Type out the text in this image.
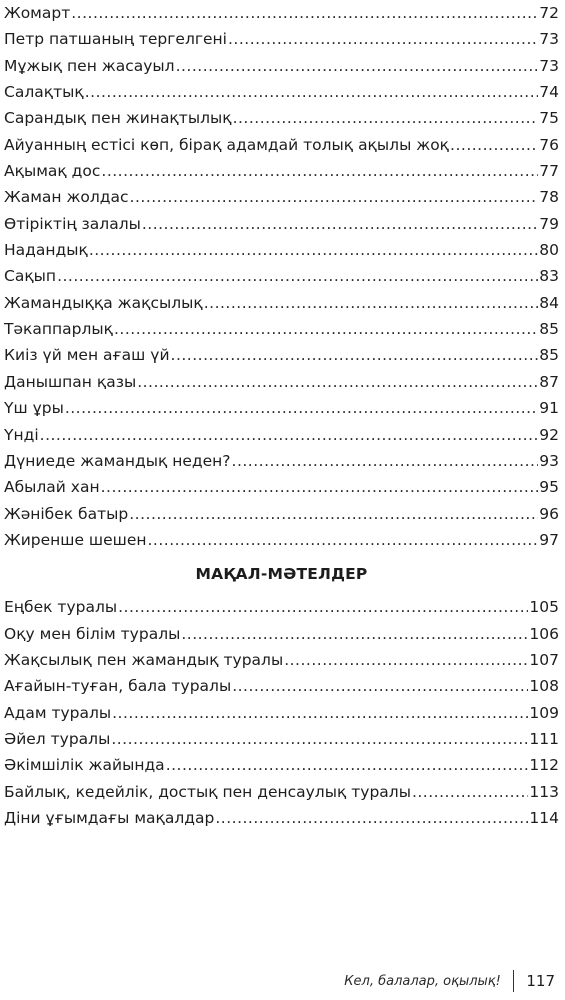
Жомарт .....	72
Петр патшаның тергелгені .....	73
Мұжық пен жасауыл .....	73
Салақтық .....	74
Сарандық пен жинақтылық .....	75
Айуанның естісі көп, бірақ адамдай толық ақылы жоқ .....	76
Ақымақ дос .....	77
Жаман жолдас .....	78
Өтіріктің залалы .....	79
Надандық .....	80
Сақып .....	83
Жамандыққа жақсылық .....	84
Тәкаппарлық .....	85
Киіз үй мен ағаш үй .....	85
Данышпан қазы .....	87
Үш ұры .....	91
Үнді .....	92
Дүниеде жамандық неден? .....	93
Абылай хан .....	95
Жәнібек батыр .....	96
Жиренше шешен .....	97
МАҚАЛ-МӘТЕЛДЕР
Еңбек туралы .....	105
Оқу мен білім туралы .....	106
Жақсылық пен жамандық туралы .....	107
Ағайын-туған, бала туралы .....	108
Адам туралы .....	109
Әйел туралы .....	111
Әкімшілік жайында .....	112
Байлық, кедейлік, достық пен денсаулық туралы .....	113
Діни ұғымдағы мақалдар .....	114
Кел, балалар, оқылық! 117
